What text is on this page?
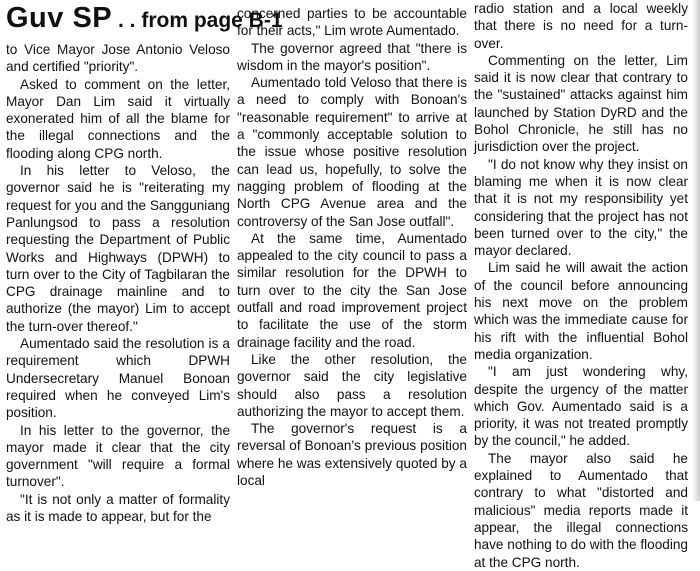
Guv SP . . from page B-1

to Vice Mayor Jose Antonio Veloso and certified "priority".

Asked to comment on the letter, Mayor Dan Lim said it virtually exonerated him of all the blame for the illegal connections and the flooding along CPG north.

In his letter to Veloso, the governor said he is "reiterating my request for you and the Sangguniang Panlungsod to pass a resolution requesting the Department of Public Works and Highways (DPWH) to turn over to the City of Tagbilaran the CPG drainage mainline and to authorize (the mayor) Lim to accept the turn-over thereof."

Aumentado said the resolution is a requirement which DPWH Undersecretary Manuel Bonoan required when he conveyed Lim's position.

In his letter to the governor, the mayor made it clear that the city government "will require a formal turnover".

"It is not only a matter of formality as it is made to appear, but for the

concerned parties to be accountable for their acts," Lim wrote Aumentado.

The governor agreed that "there is wisdom in the mayor's position".

Aumentado told Veloso that there is a need to comply with Bonoan's "reasonable requirement" to arrive at a "commonly acceptable solution to the issue whose positive resolution can lead us, hopefully, to solve the nagging problem of flooding at the North CPG Avenue area and the controversy of the San Jose outfall".

At the same time, Aumentado appealed to the city council to pass a similar resolution for the DPWH to turn over to the city the San Jose outfall and road improvement project to facilitate the use of the storm drainage facility and the road.

Like the other resolution, the governor said the city legislative should also pass a resolution authorizing the mayor to accept them.

The governor's request is a reversal of Bonoan's previous position where he was extensively quoted by a local

radio station and a local weekly that there is no need for a turn-over.

Commenting on the letter, Lim said it is now clear that contrary to the "sustained" attacks against him launched by Station DyRD and the Bohol Chronicle, he still has no jurisdiction over the project.

"I do not know why they insist on blaming me when it is now clear that it is not my responsibility yet considering that the project has not been turned over to the city," the mayor declared.

Lim said he will await the action of the council before announcing his next move on the problem which was the immediate cause for his rift with the influential Bohol media organization.

"I am just wondering why, despite the urgency of the matter which Gov. Aumentado said is a priority, it was not treated promptly by the council," he added.

The mayor also said he explained to Aumentado that contrary to what "distorted and malicious" media reports made it appear, the illegal connections have nothing to do with the flooding at the CPG north.
